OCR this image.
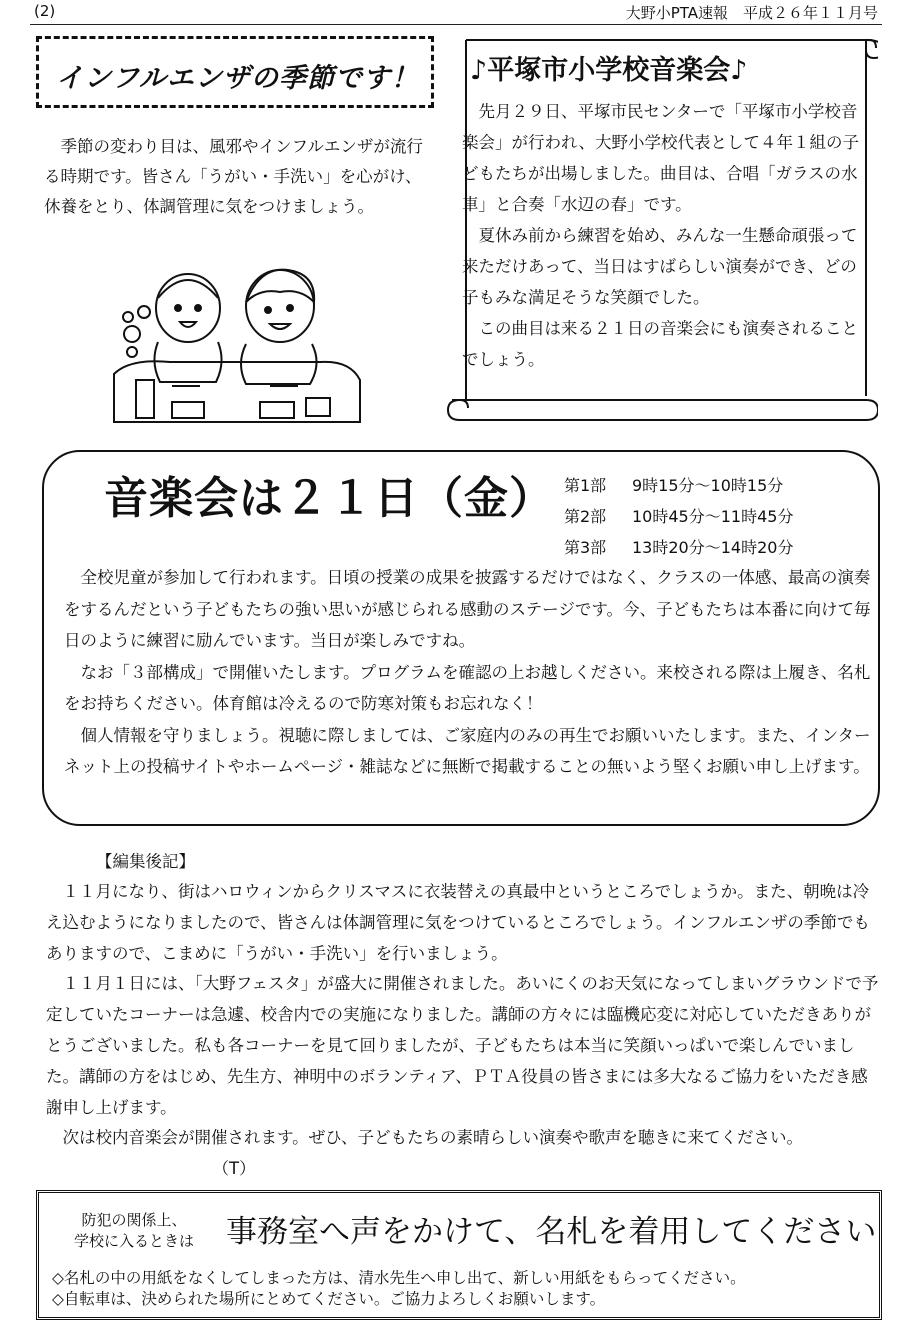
(2)	大野小PTA速報　平成２６年１１月号
インフルエンザの季節です！

季節の変わり目は、風邪やインフルエンザが流行る時期です。皆さん「うがい・手洗い」を心がけ、休養をとり、体調管理に気をつけましょう。

♪平塚市小学校音楽会♪

先月２９日、平塚市民センターで「平塚市小学校音楽会」が行われ、大野小学校代表として４年１組の子どもたちが出場しました。曲目は、合唱「ガラスの水車」と合奏「水辺の春」です。

夏休み前から練習を始め、みんな一生懸命頑張って来ただけあって、当日はすばらしい演奏ができ、どの子もみな満足そうな笑顔でした。

この曲目は来る２１日の音楽会にも演奏されることでしょう。

音楽会は２１日（金） 第1部 9時15分～10時15分
第2部 10時45分～11時45分
第3部 13時20分～14時20分

全校児童が参加して行われます。日頃の授業の成果を披露するだけではなく、クラスの一体感、最高の演奏をするんだという子どもたちの強い思いが感じられる感動のステージです。今、子どもたちは本番に向けて毎日のように練習に励んでいます。当日が楽しみですね。

なお「３部構成」で開催いたします。プログラムを確認の上お越しください。来校される際は上履き、名札をお持ちください。体育館は冷えるので防寒対策もお忘れなく！

個人情報を守りましょう。視聴に際しましては、ご家庭内のみの再生でお願いいたします。また、インターネット上の投稿サイトやホームページ・雑誌などに無断で掲載することの無いよう堅くお願い申し上げます。

【編集後記】

１１月になり、街はハロウィンからクリスマスに衣装替えの真最中というところでしょうか。また、朝晩は冷え込むようになりましたので、皆さんは体調管理に気をつけているところでしょう。インフルエンザの季節でもありますので、こまめに「うがい・手洗い」を行いましょう。

１１月１日には、「大野フェスタ」が盛大に開催されました。あいにくのお天気になってしまいグラウンドで予定していたコーナーは急遽、校舎内での実施になりました。講師の方々には臨機応変に対応していただきありがとうございました。私も各コーナーを見て回りましたが、子どもたちは本当に笑顔いっぱいで楽しんでいました。講師の方をはじめ、先生方、神明中のボランティア、ＰＴＡ役員の皆さまには多大なるご協力をいただき感謝申し上げます。

次は校内音楽会が開催されます。ぜひ、子どもたちの素晴らしい演奏や歌声を聴きに来てください。（T）

防犯の関係上、
学校に入るときは	事務室へ声をかけて、名札を着用してください
◇名札の中の用紙をなくしてしまった方は、清水先生へ申し出て、新しい用紙をもらってください。
◇自転車は、決められた場所にとめてください。ご協力よろしくお願いします。
